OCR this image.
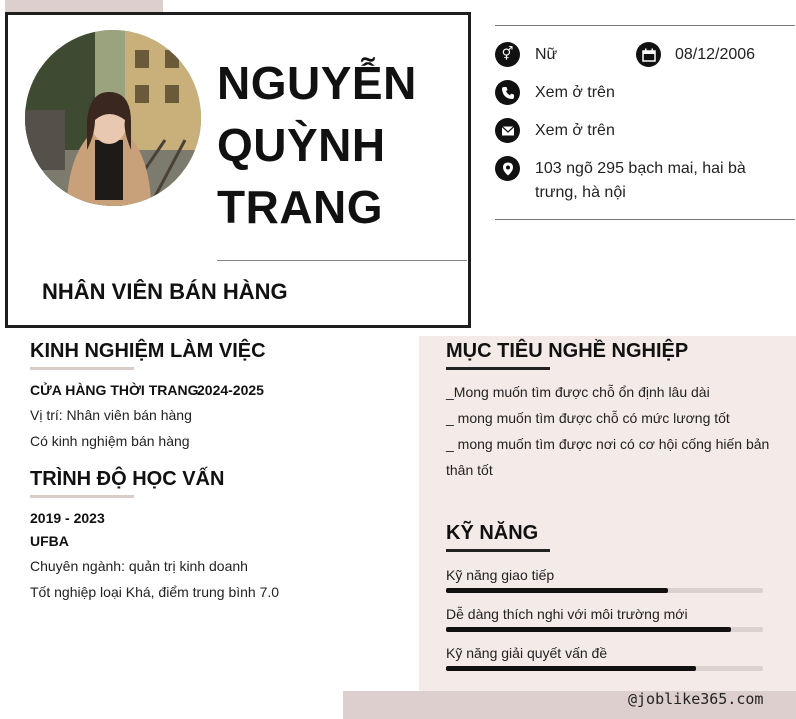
NGUYỄN
QUỲNH
TRANG
NHÂN VIÊN BÁN HÀNG
⚥	Nữ	08/12/2006
Xem ở trên
Xem ở trên
103 ngõ 295 bạch mai, hai bà
trưng, hà nội
KINH NGHIỆM LÀM VIỆC
CỬA HÀNG THỜI TRANG
2024-2025
Vị trí: Nhân viên bán hàng
Có kinh nghiệm bán hàng
TRÌNH ĐỘ HỌC VẤN
2019 - 2023
UFBA
Chuyên ngành: quản trị kinh doanh
Tốt nghiệp loại Khá, điểm trung bình 7.0
MỤC TIÊU NGHỀ NGHIỆP
_Mong muốn tìm được chỗ ổn định lâu dài
_ mong muốn tìm được chỗ có mức lương tốt
_ mong muốn tìm được nơi có cơ hội cống hiến bản
thân tốt
KỸ NĂNG
Kỹ năng giao tiếp
Dễ dàng thích nghi với môi trường mới
Kỹ năng giải quyết vấn đề
@joblike365.com
